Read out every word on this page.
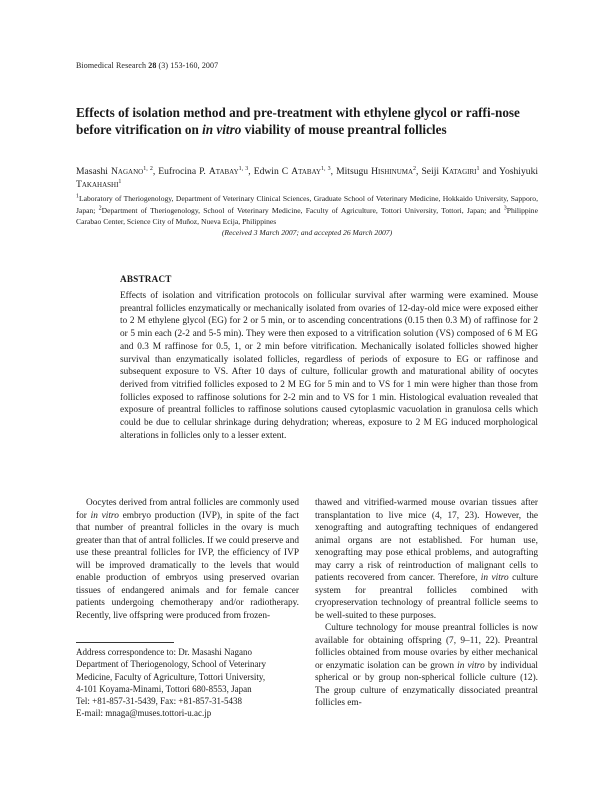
Biomedical Research 28 (3) 153-160, 2007
Effects of isolation method and pre-treatment with ethylene glycol or raffi-nose before vitrification on in vitro viability of mouse preantral follicles
Masashi Nagano$^{1, 2}$, Eufrocina P. Atabay$^{1, 3}$, Edwin C Atabay$^{1, 3}$, Mitsugu Hishinuma$^2$, Seiji Katagiri$^1$ and Yoshiyuki Takahashi$^1$
$^1$Laboratory of Theriogenology, Department of Veterinary Clinical Sciences, Graduate School of Veterinary Medicine, Hokkaido University, Sapporo, Japan; $^2$Department of Theriogenology, School of Veterinary Medicine, Faculty of Agriculture, Tottori University, Tottori, Japan; and $^3$Philippine Carabao Center, Science City of Muñoz, Nueva Ecija, Philippines
(Received 3 March 2007; and accepted 26 March 2007)
ABSTRACT

Effects of isolation and vitrification protocols on follicular survival after warming were examined. Mouse preantral follicles enzymatically or mechanically isolated from ovaries of 12-day-old mice were exposed either to 2 M ethylene glycol (EG) for 2 or 5 min, or to ascending concentrations (0.15 then 0.3 M) of raffinose for 2 or 5 min each (2-2 and 5-5 min). They were then exposed to a vitrification solution (VS) composed of 6 M EG and 0.3 M raffinose for 0.5, 1, or 2 min before vitrification. Mechanically isolated follicles showed higher survival than enzymatically isolated follicles, regardless of periods of exposure to EG or raffinose and subsequent exposure to VS. After 10 days of culture, follicular growth and maturational ability of oocytes derived from vitrified follicles exposed to 2 M EG for 5 min and to VS for 1 min were higher than those from follicles exposed to raffinose solutions for 2-2 min and to VS for 1 min. Histological evaluation revealed that exposure of preantral follicles to raffinose solutions caused cytoplasmic vacuolation in granulosa cells which could be due to cellular shrinkage during dehydration; whereas, exposure to 2 M EG induced morphological alterations in follicles only to a lesser extent.

Oocytes derived from antral follicles are commonly used for in vitro embryo production (IVP), in spite of the fact that number of preantral follicles in the ovary is much greater than that of antral follicles. If we could preserve and use these preantral follicles for IVP, the efficiency of IVP will be improved dramatically to the levels that would enable production of embryos using preserved ovarian tissues of endangered animals and for female cancer patients undergoing chemotherapy and/or radiotherapy. Recently, live offspring were produced from frozen-

Address correspondence to: Dr. Masashi Nagano
Department of Theriogenology, School of Veterinary
Medicine, Faculty of Agriculture, Tottori University,
4-101 Koyama-Minami, Tottori 680-8553, Japan
Tel: +81-857-31-5439, Fax: +81-857-31-5438
E-mail: mnaga@muses.tottori-u.ac.jp

thawed and vitrified-warmed mouse ovarian tissues after transplantation to live mice (4, 17, 23). However, the xenografting and autografting techniques of endangered animal organs are not established. For human use, xenografting may pose ethical problems, and autografting may carry a risk of reintroduction of malignant cells to patients recovered from cancer. Therefore, in vitro culture system for preantral follicles combined with cryopreservation technology of preantral follicle seems to be well-suited to these purposes.

Culture technology for mouse preantral follicles is now available for obtaining offspring (7, 9–11, 22). Preantral follicles obtained from mouse ovaries by either mechanical or enzymatic isolation can be grown in vitro by individual spherical or by group non-spherical follicle culture (12). The group culture of enzymatically dissociated preantral follicles em-
